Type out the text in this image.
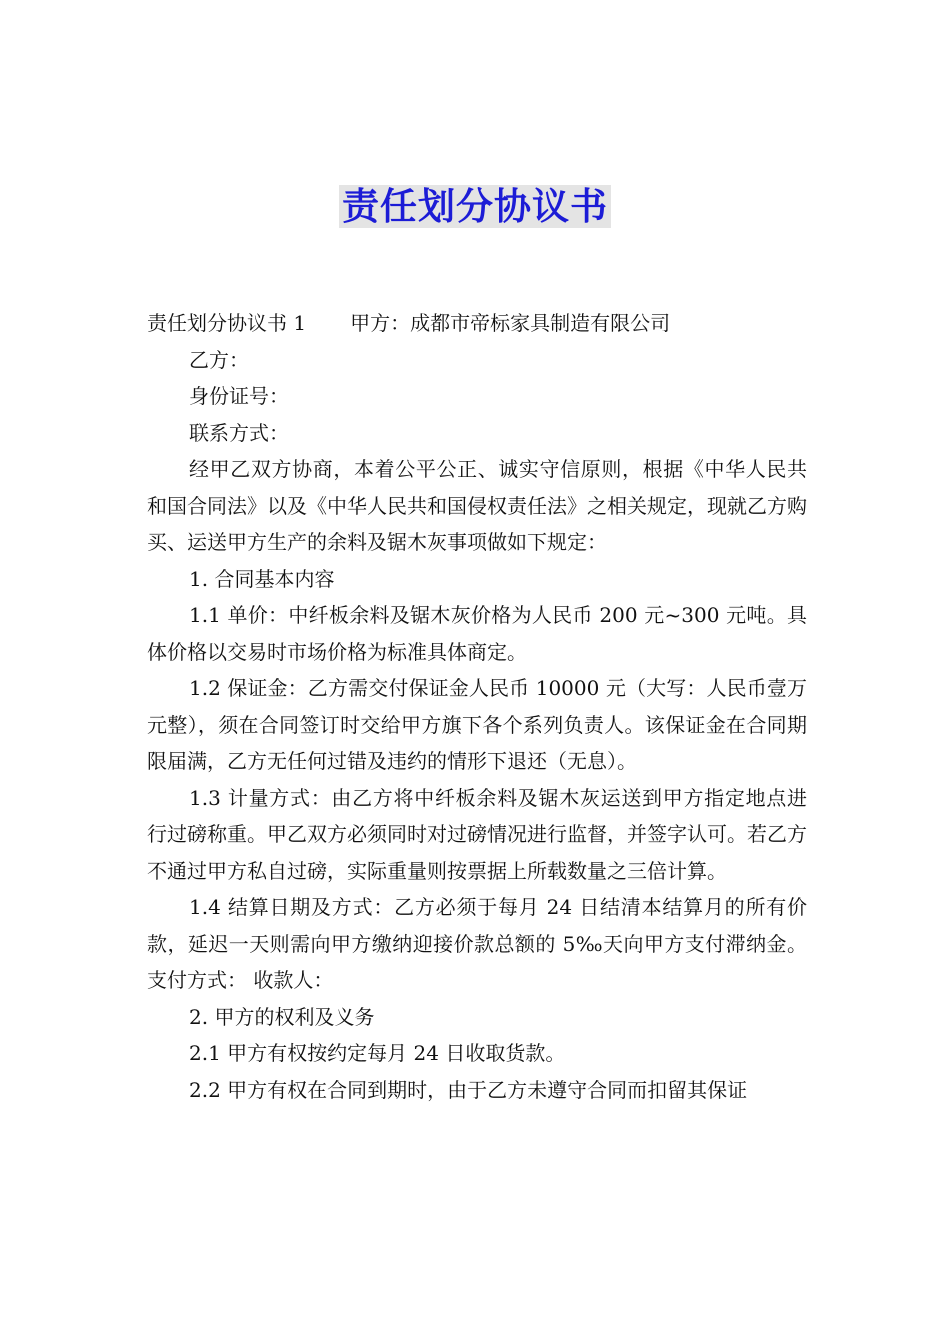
责任划分协议书

责任划分协议书 1 甲方：成都市帝标家具制造有限公司

乙方：

身份证号：

联系方式：

经甲乙双方协商，本着公平公正、诚实守信原则，根据《中华人民共和国合同法》以及《中华人民共和国侵权责任法》之相关规定，现就乙方购买、运送甲方生产的余料及锯木灰事项做如下规定：

1. 合同基本内容

1.1 单价：中纤板余料及锯木灰价格为人民币 200 元~300 元吨。具体价格以交易时市场价格为标准具体商定。

1.2 保证金：乙方需交付保证金人民币 10000 元（大写：人民币壹万元整），须在合同签订时交给甲方旗下各个系列负责人。该保证金在合同期限届满，乙方无任何过错及违约的情形下退还（无息）。

1.3 计量方式：由乙方将中纤板余料及锯木灰运送到甲方指定地点进行过磅称重。甲乙双方必须同时对过磅情况进行监督，并签字认可。若乙方不通过甲方私自过磅，实际重量则按票据上所载数量之三倍计算。

1.4 结算日期及方式：乙方必须于每月 24 日结清本结算月的所有价款，延迟一天则需向甲方缴纳迎接价款总额的 5‰天向甲方支付滞纳金。支付方式： 收款人：

2. 甲方的权利及义务

2.1 甲方有权按约定每月 24 日收取货款。

2.2 甲方有权在合同到期时，由于乙方未遵守合同而扣留其保证
